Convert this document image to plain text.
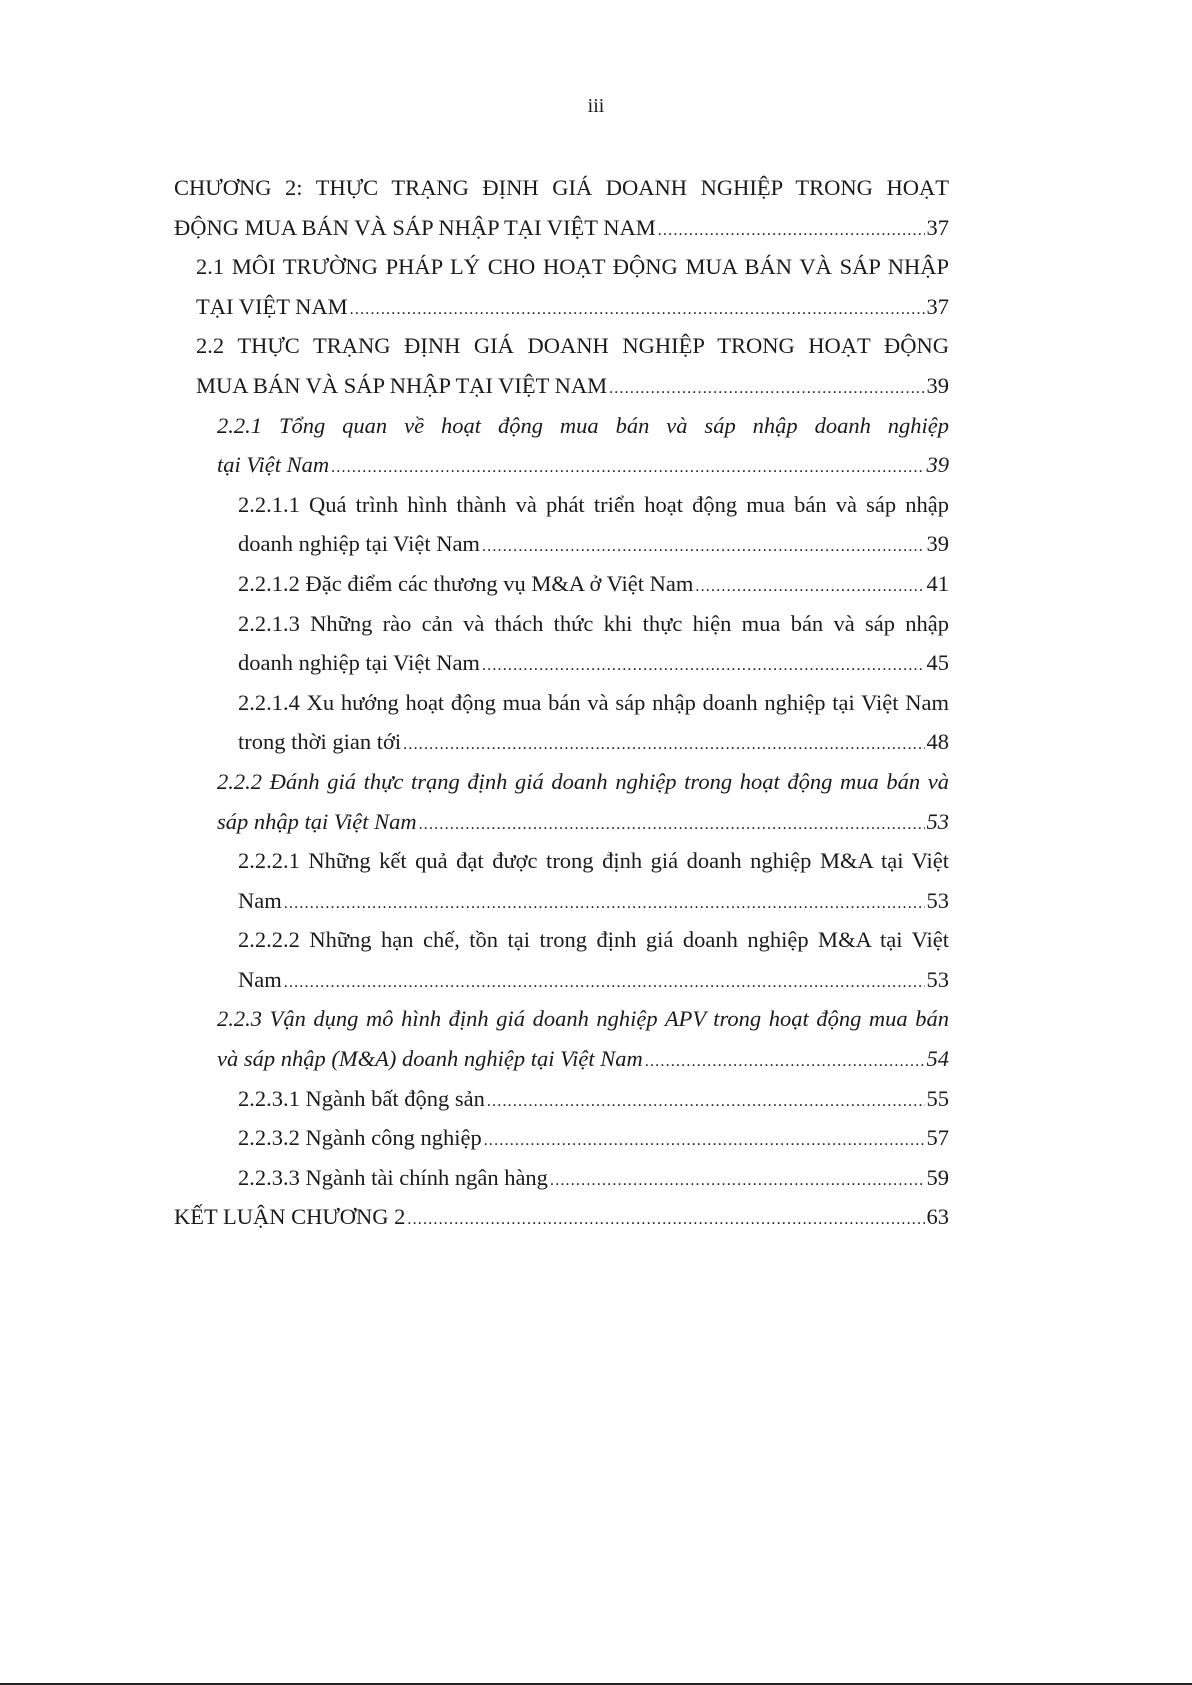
iii
CHƯƠNG 2: THỰC TRẠNG ĐỊNH GIÁ DOANH NGHIỆP TRONG HOẠT
ĐỘNG MUA BÁN VÀ SÁP NHẬP TẠI VIỆT NAM .....	37
2.1 MÔI TRƯỜNG PHÁP LÝ CHO HOẠT ĐỘNG MUA BÁN VÀ SÁP NHẬP
TẠI VIỆT NAM .....	37
2.2 THỰC TRẠNG ĐỊNH GIÁ DOANH NGHIỆP TRONG HOẠT ĐỘNG
MUA BÁN VÀ SÁP NHẬP TẠI VIỆT NAM .....	39
2.2.1 Tổng quan về hoạt động mua bán và sáp nhập doanh nghiệp
tại Việt Nam .....	39
2.2.1.1 Quá trình hình thành và phát triển hoạt động mua bán và sáp nhập
doanh nghiệp tại Việt Nam .....	39
2.2.1.2 Đặc điểm các thương vụ M&A ở Việt Nam .....	41
2.2.1.3 Những rào cản và thách thức khi thực hiện mua bán và sáp nhập
doanh nghiệp tại Việt Nam .....	45
2.2.1.4 Xu hướng hoạt động mua bán và sáp nhập doanh nghiệp tại Việt Nam
trong thời gian tới .....	48
2.2.2 Đánh giá thực trạng định giá doanh nghiệp trong hoạt động mua bán và
sáp nhập tại Việt Nam .....	53
2.2.2.1 Những kết quả đạt được trong định giá doanh nghiệp M&A tại Việt
Nam .....	53
2.2.2.2 Những hạn chế, tồn tại trong định giá doanh nghiệp M&A tại Việt
Nam .....	53
2.2.3 Vận dụng mô hình định giá doanh nghiệp APV trong hoạt động mua bán
và sáp nhập (M&A) doanh nghiệp tại Việt Nam .....	54
2.2.3.1 Ngành bất động sản .....	55
2.2.3.2 Ngành công nghiệp .....	57
2.2.3.3 Ngành tài chính ngân hàng .....	59
KẾT LUẬN CHƯƠNG 2 .....	63
